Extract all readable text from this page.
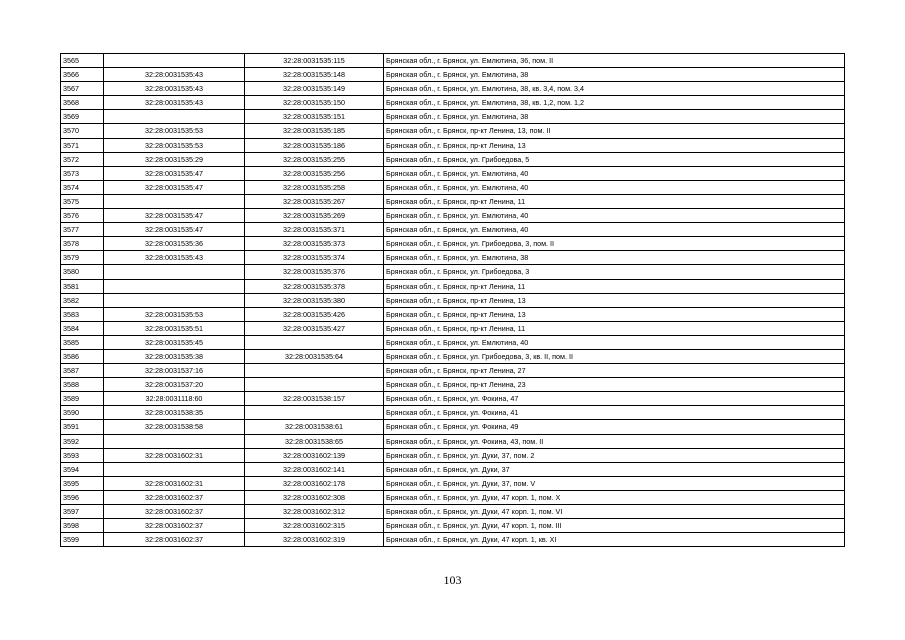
3565		32:28:0031535:115	Брянская обл., г. Брянск, ул. Емлютина, 36, пом. II
3566	32:28:0031535:43	32:28:0031535:148	Брянская обл., г. Брянск, ул. Емлютина, 38
3567	32:28:0031535:43	32:28:0031535:149	Брянская обл., г. Брянск, ул. Емлютина, 38, кв. 3,4, пом. 3,4
3568	32:28:0031535:43	32:28:0031535:150	Брянская обл., г. Брянск, ул. Емлютина, 38, кв. 1,2, пом. 1,2
3569		32:28:0031535:151	Брянская обл., г. Брянск, ул. Емлютина, 38
3570	32:28:0031535:53	32:28:0031535:185	Брянская обл., г. Брянск, пр-кт Ленина, 13, пом. II
3571	32:28:0031535:53	32:28:0031535:186	Брянская обл., г. Брянск, пр-кт Ленина, 13
3572	32:28:0031535:29	32:28:0031535:255	Брянская обл., г. Брянск, ул. Грибоедова, 5
3573	32:28:0031535:47	32:28:0031535:256	Брянская обл., г. Брянск, ул. Емлютина, 40
3574	32:28:0031535:47	32:28:0031535:258	Брянская обл., г. Брянск, ул. Емлютина, 40
3575		32:28:0031535:267	Брянская обл., г. Брянск, пр-кт Ленина, 11
3576	32:28:0031535:47	32:28:0031535:269	Брянская обл., г. Брянск, ул. Емлютина, 40
3577	32:28:0031535:47	32:28:0031535:371	Брянская обл., г. Брянск, ул. Емлютина, 40
3578	32:28:0031535:36	32:28:0031535:373	Брянская обл., г. Брянск, ул. Грибоедова, 3, пом. II
3579	32:28:0031535:43	32:28:0031535:374	Брянская обл., г. Брянск, ул. Емлютина, 38
3580		32:28:0031535:376	Брянская обл., г. Брянск, ул. Грибоедова, 3
3581		32:28:0031535:378	Брянская обл., г. Брянск, пр-кт Ленина, 11
3582		32:28:0031535:380	Брянская обл., г. Брянск, пр-кт Ленина, 13
3583	32:28:0031535:53	32:28:0031535:426	Брянская обл., г. Брянск, пр-кт Ленина, 13
3584	32:28:0031535:51	32:28:0031535:427	Брянская обл., г. Брянск, пр-кт Ленина, 11
3585	32:28:0031535:45		Брянская обл., г. Брянск, ул. Емлютина, 40
3586	32:28:0031535:38	32:28:0031535:64	Брянская обл., г. Брянск, ул. Грибоедова, 3, кв. II, пом. II
3587	32:28:0031537:16		Брянская обл., г. Брянск, пр-кт Ленина, 27
3588	32:28:0031537:20		Брянская обл., г. Брянск, пр-кт Ленина, 23
3589	32:28:0031118:60	32:28:0031538:157	Брянская обл., г. Брянск, ул. Фокина, 47
3590	32:28:0031538:35		Брянская обл., г. Брянск, ул. Фокина, 41
3591	32:28:0031538:58	32:28:0031538:61	Брянская обл., г. Брянск, ул. Фокина, 49
3592		32:28:0031538:65	Брянская обл., г. Брянск, ул. Фокина, 43, пом. II
3593	32:28:0031602:31	32:28:0031602:139	Брянская обл., г. Брянск, ул. Дуки, 37, пом. 2
3594		32:28:0031602:141	Брянская обл., г. Брянск, ул. Дуки, 37
3595	32:28:0031602:31	32:28:0031602:178	Брянская обл., г. Брянск, ул. Дуки, 37, пом. V
3596	32:28:0031602:37	32:28:0031602:308	Брянская обл., г. Брянск, ул. Дуки, 47 корп. 1, пом. X
3597	32:28:0031602:37	32:28:0031602:312	Брянская обл., г. Брянск, ул. Дуки, 47 корп. 1, пом. VI
3598	32:28:0031602:37	32:28:0031602:315	Брянская обл., г. Брянск, ул. Дуки, 47 корп. 1, пом. III
3599	32:28:0031602:37	32:28:0031602:319	Брянская обл., г. Брянск, ул. Дуки, 47 корп. 1, кв. XI
103
